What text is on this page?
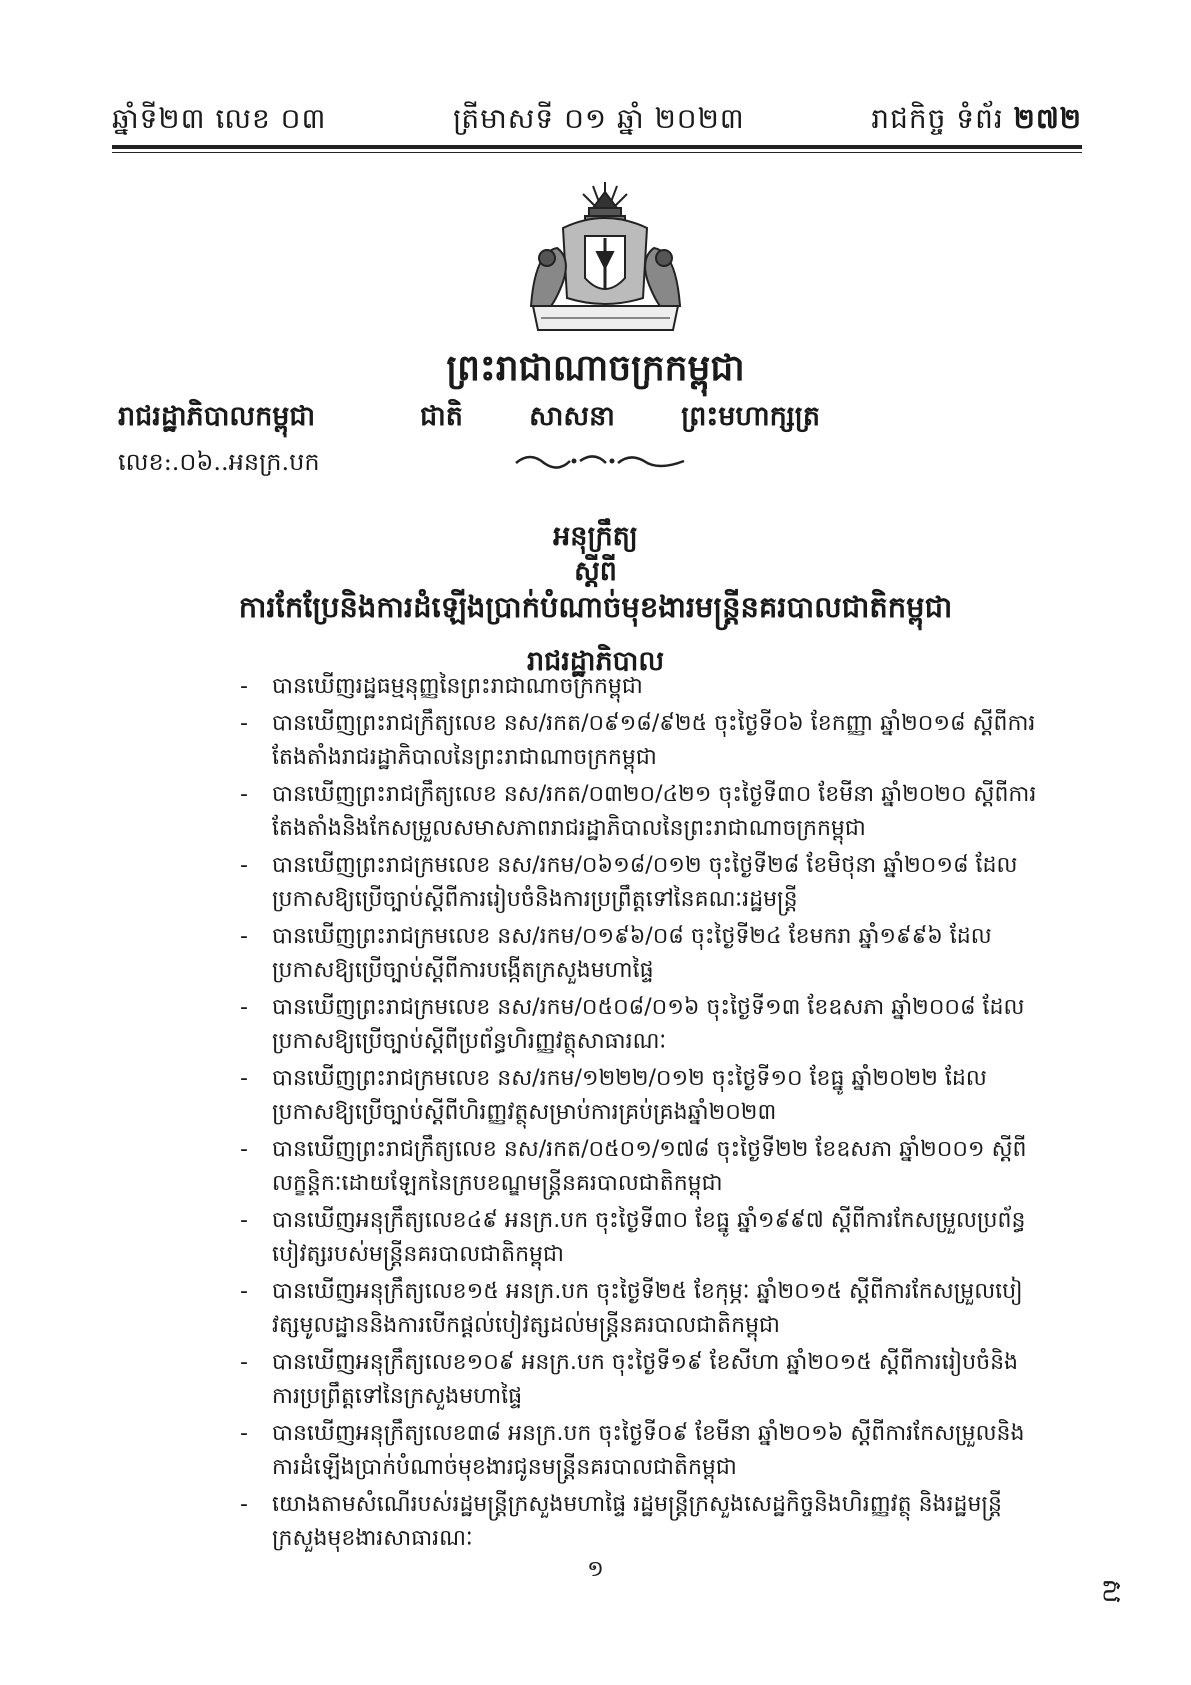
ឆ្នាំទី២៣ លេខ ០៣	ត្រីមាសទី ០១ ឆ្នាំ ២០២៣	រាជកិច្ច ទំព័រ ២៧២
ព្រះរាជាណាចក្រកម្ពុជា
រាជរដ្ឋាភិបាលកម្ពុជា	ជាតិ សាសនា ព្រះមហាក្សត្រ
លេខ:.០៦..អនក្រ.បក
អនុក្រឹត្យ
ស្ដីពី
ការកែប្រែនិងការដំឡើងប្រាក់បំណាច់មុខងារមន្ត្រីនគរបាលជាតិកម្ពុជា
រាជរដ្ឋាភិបាល
- បានឃើញរដ្ឋធម្មនុញ្ញនៃព្រះរាជាណាចក្រកម្ពុជា
- បានឃើញព្រះរាជក្រឹត្យលេខ នស/រកត/០៩១៨/៩២៥ ចុះថ្ងៃទី០៦ ខែកញ្ញា ឆ្នាំ២០១៨ ស្ដីពីការតែងតាំងរាជរដ្ឋាភិបាលនៃព្រះរាជាណាចក្រកម្ពុជា
- បានឃើញព្រះរាជក្រឹត្យលេខ នស/រកត/០៣២០/៤២១ ចុះថ្ងៃទី៣០ ខែមីនា ឆ្នាំ២០២០ ស្ដីពីការតែងតាំងនិងកែសម្រួលសមាសភាពរាជរដ្ឋាភិបាលនៃព្រះរាជាណាចក្រកម្ពុជា
- បានឃើញព្រះរាជក្រមលេខ នស/រកម/០៦១៨/០១២ ចុះថ្ងៃទី២៨ ខែមិថុនា ឆ្នាំ២០១៨ ដែលប្រកាសឱ្យប្រើច្បាប់ស្ដីពីការរៀបចំនិងការប្រព្រឹត្តទៅនៃគណៈរដ្ឋមន្ត្រី
- បានឃើញព្រះរាជក្រមលេខ នស/រកម/០១៩៦/០៨ ចុះថ្ងៃទី២៤ ខែមករា ឆ្នាំ១៩៩៦ ដែលប្រកាសឱ្យប្រើច្បាប់ស្ដីពីការបង្កើតក្រសួងមហាផ្ទៃ
- បានឃើញព្រះរាជក្រមលេខ នស/រកម/០៥០៨/០១៦ ចុះថ្ងៃទី១៣ ខែឧសភា ឆ្នាំ២០០៨ ដែលប្រកាសឱ្យប្រើច្បាប់ស្ដីពីប្រព័ន្ធហិរញ្ញវត្ថុសាធារណៈ
- បានឃើញព្រះរាជក្រមលេខ នស/រកម/១២២២/០១២ ចុះថ្ងៃទី១០ ខែធ្នូ ឆ្នាំ២០២២ ដែលប្រកាសឱ្យប្រើច្បាប់ស្ដីពីហិរញ្ញវត្ថុសម្រាប់ការគ្រប់គ្រងឆ្នាំ២០២៣
- បានឃើញព្រះរាជក្រឹត្យលេខ នស/រកត/០៥០១/១៧៨ ចុះថ្ងៃទី២២ ខែឧសភា ឆ្នាំ២០០១ ស្ដីពីលក្ខន្តិកៈដោយឡែកនៃក្របខណ្ឌមន្ត្រីនគរបាលជាតិកម្ពុជា
- បានឃើញអនុក្រឹត្យលេខ៤៩ អនក្រ.បក ចុះថ្ងៃទី៣០ ខែធ្នូ ឆ្នាំ១៩៩៧ ស្ដីពីការកែសម្រួលប្រព័ន្ធបៀវត្សរបស់មន្ត្រីនគរបាលជាតិកម្ពុជា
- បានឃើញអនុក្រឹត្យលេខ១៥ អនក្រ.បក ចុះថ្ងៃទី២៥ ខែកុម្ភៈ ឆ្នាំ២០១៥ ស្ដីពីការកែសម្រួលបៀវត្សមូលដ្ឋាននិងការបើកផ្ដល់បៀវត្សដល់មន្ត្រីនគរបាលជាតិកម្ពុជា
- បានឃើញអនុក្រឹត្យលេខ១០៩ អនក្រ.បក ចុះថ្ងៃទី១៩ ខែសីហា ឆ្នាំ២០១៥ ស្ដីពីការរៀបចំនិងការប្រព្រឹត្តទៅនៃក្រសួងមហាផ្ទៃ
- បានឃើញអនុក្រឹត្យលេខ៣៨ អនក្រ.បក ចុះថ្ងៃទី០៩ ខែមីនា ឆ្នាំ២០១៦ ស្ដីពីការកែសម្រួលនិងការដំឡើងប្រាក់បំណាច់មុខងារជូនមន្ត្រីនគរបាលជាតិកម្ពុជា
- យោងតាមសំណើរបស់រដ្ឋមន្ត្រីក្រសួងមហាផ្ទៃ រដ្ឋមន្ត្រីក្រសួងសេដ្ឋកិច្ចនិងហិរញ្ញវត្ថុ និងរដ្ឋមន្ត្រីក្រសួងមុខងារសាធារណៈ
១
ស
